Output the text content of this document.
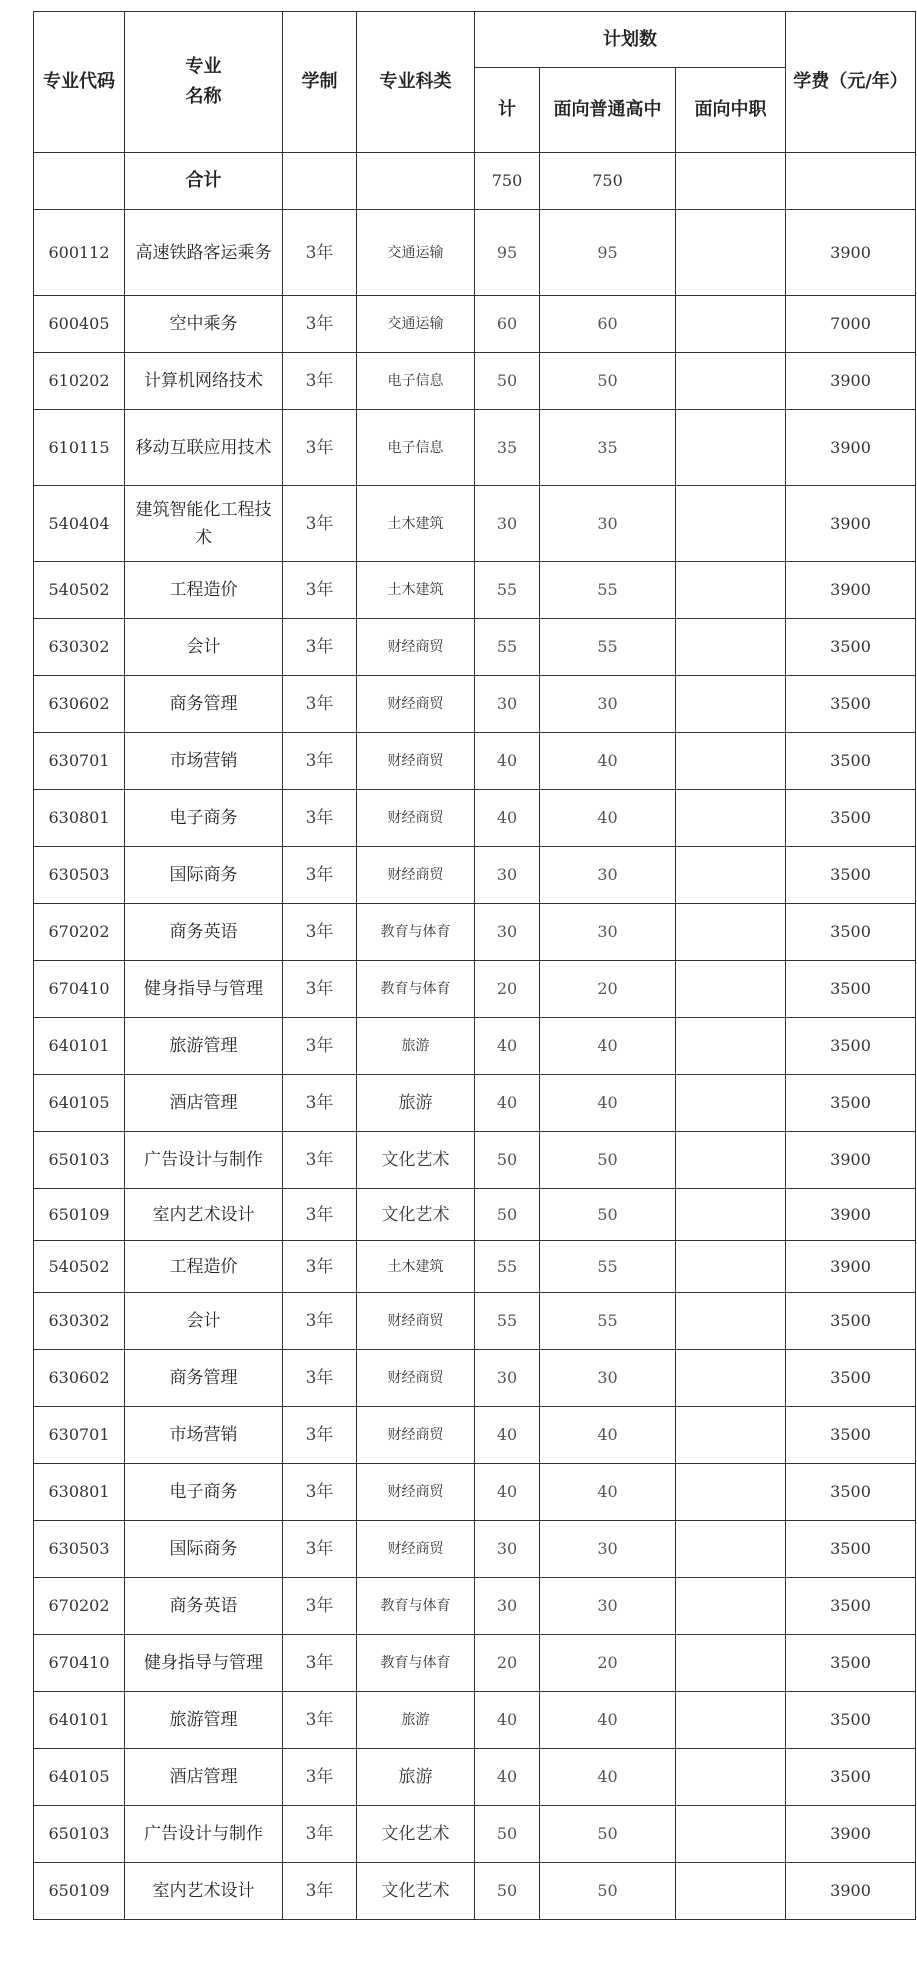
专业代码	专业
名称	学制	专业科类	计划数			学费（元/年）
				计	面向普通高中	面向中职	
	合计			750	750		
600112	高速铁路客运乘务	3年	交通运输	95	95		3900
600405	空中乘务	3年	交通运输	60	60		7000
610202	计算机网络技术	3年	电子信息	50	50		3900
610115	移动互联应用技术	3年	电子信息	35	35		3900
540404	建筑智能化工程技术	3年	土木建筑	30	30		3900
540502	工程造价	3年	土木建筑	55	55		3900
630302	会计	3年	财经商贸	55	55		3500
630602	商务管理	3年	财经商贸	30	30		3500
630701	市场营销	3年	财经商贸	40	40		3500
630801	电子商务	3年	财经商贸	40	40		3500
630503	国际商务	3年	财经商贸	30	30		3500
670202	商务英语	3年	教育与体育	30	30		3500
670410	健身指导与管理	3年	教育与体育	20	20		3500
640101	旅游管理	3年	旅游	40	40		3500
640105	酒店管理	3年	旅游	40	40		3500
650103	广告设计与制作	3年	文化艺术	50	50		3900
650109	室内艺术设计	3年	文化艺术	50	50		3900
540502	工程造价	3年	土木建筑	55	55		3900
630302	会计	3年	财经商贸	55	55		3500
630602	商务管理	3年	财经商贸	30	30		3500
630701	市场营销	3年	财经商贸	40	40		3500
630801	电子商务	3年	财经商贸	40	40		3500
630503	国际商务	3年	财经商贸	30	30		3500
670202	商务英语	3年	教育与体育	30	30		3500
670410	健身指导与管理	3年	教育与体育	20	20		3500
640101	旅游管理	3年	旅游	40	40		3500
640105	酒店管理	3年	旅游	40	40		3500
650103	广告设计与制作	3年	文化艺术	50	50		3900
650109	室内艺术设计	3年	文化艺术	50	50		3900
